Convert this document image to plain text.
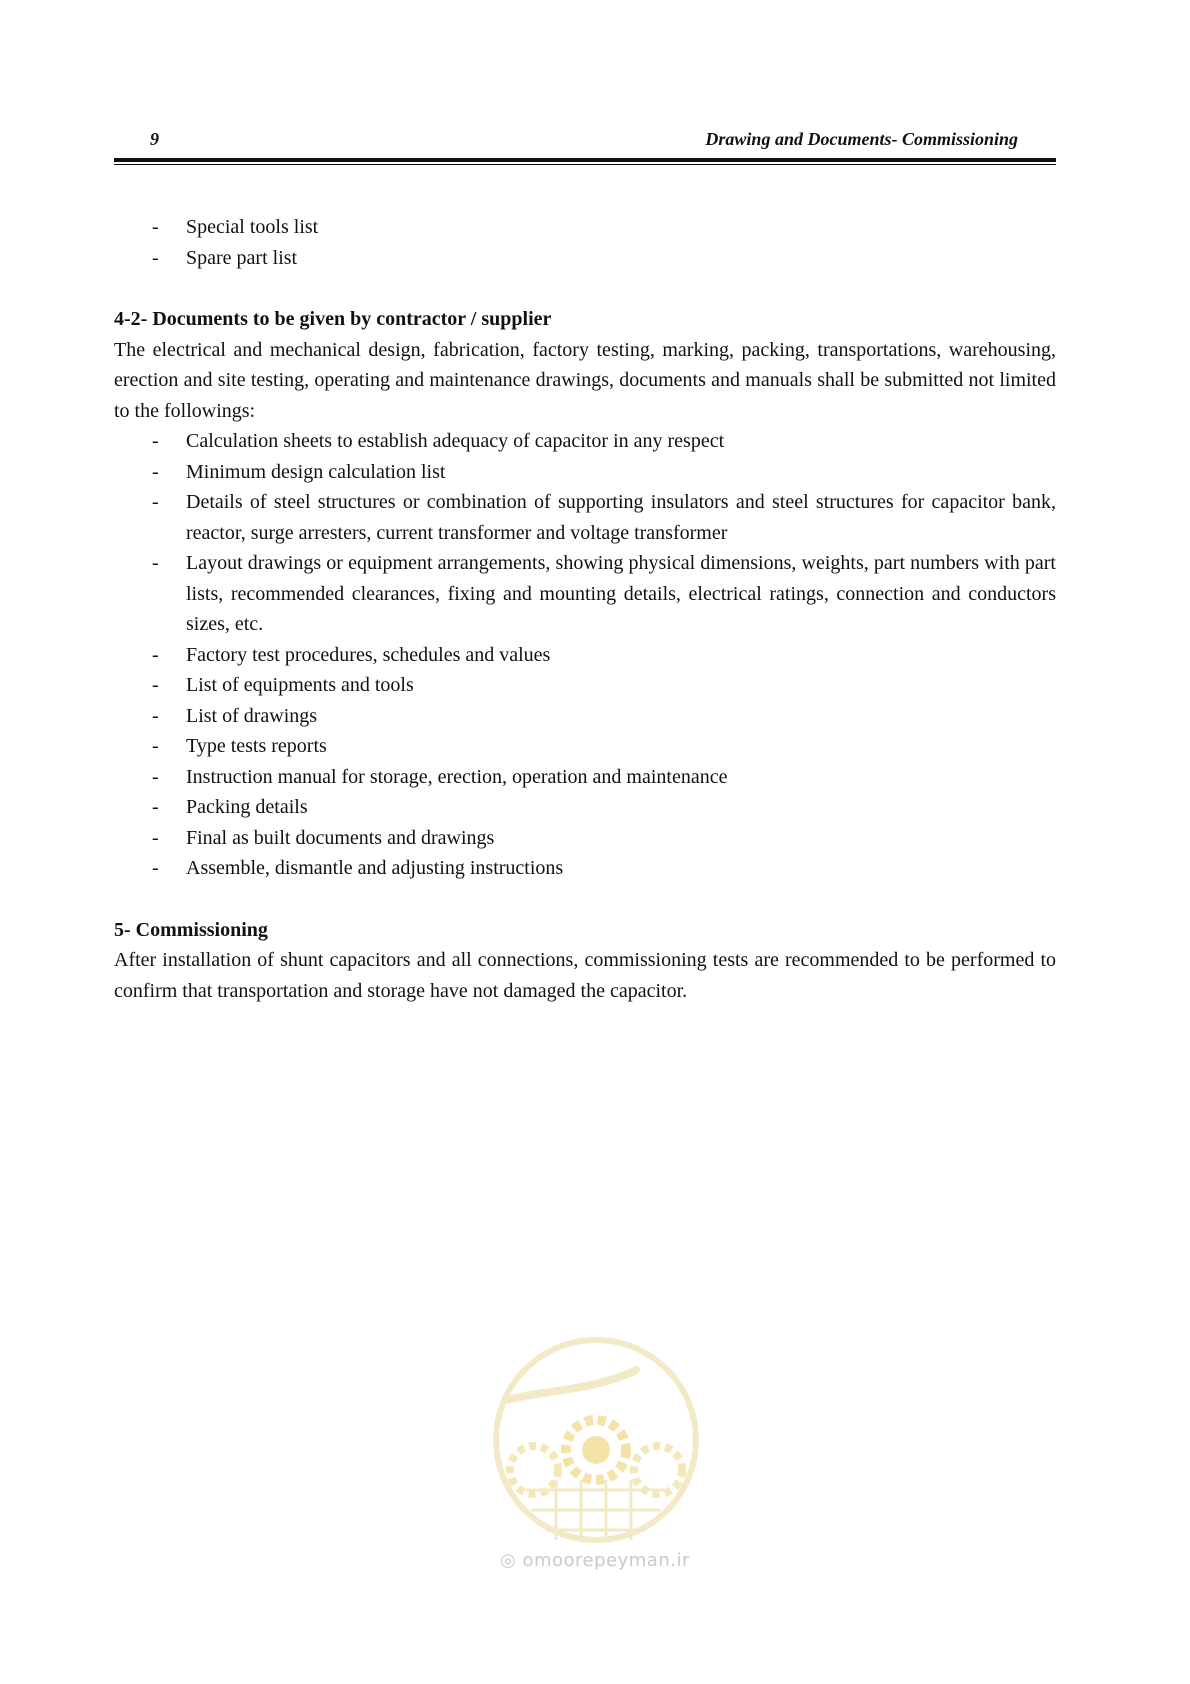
9	Drawing and Documents- Commissioning
- Special tools list
- Spare part list
4-2- Documents to be given by contractor / supplier
The electrical and mechanical design, fabrication, factory testing, marking, packing, transportations, warehousing, erection and site testing, operating and maintenance drawings, documents and manuals shall be submitted not limited to the followings:
- Calculation sheets to establish adequacy of capacitor in any respect
- Minimum design calculation list
- Details of steel structures or combination of supporting insulators and steel structures for capacitor bank, reactor, surge arresters, current transformer and voltage transformer
- Layout drawings or equipment arrangements, showing physical dimensions, weights, part numbers with part lists, recommended clearances, fixing and mounting details, electrical ratings, connection and conductors sizes, etc.
- Factory test procedures, schedules and values
- List of equipments and tools
- List of drawings
- Type tests reports
- Instruction manual for storage, erection, operation and maintenance
- Packing details
- Final as built documents and drawings
- Assemble, dismantle and adjusting instructions
5- Commissioning
After installation of shunt capacitors and all connections, commissioning tests are recommended to be performed to confirm that transportation and storage have not damaged the capacitor.
◎ omoorepeyman.ir
